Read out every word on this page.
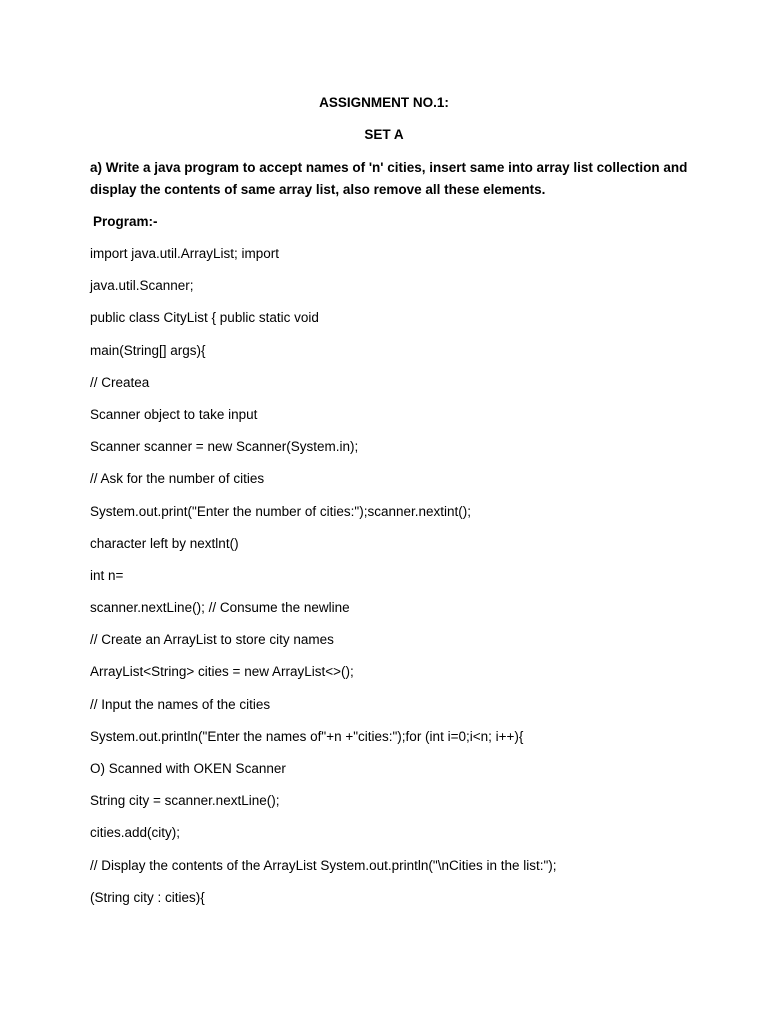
ASSIGNMENT NO.1:
SET A
a) Write a java program to accept names of 'n' cities, insert same into array list collection and display the contents of same array list, also remove all these elements.
Program:-
import java.util.ArrayList; import
java.util.Scanner;
public class CityList { public static void
main(String[] args){
// Createa
Scanner object to take input
Scanner scanner = new Scanner(System.in);
// Ask for the number of cities
System.out.print("Enter the number of cities:");scanner.nextint();
character left by nextlnt()
int n=
scanner.nextLine(); // Consume the newline
// Create an ArrayList to store city names
ArrayList<String> cities = new ArrayList<>();
// Input the names of the cities
System.out.println("Enter the names of"+n +"cities:");for (int i=0;i<n; i++){
O) Scanned with OKEN Scanner
String city = scanner.nextLine();
cities.add(city);
// Display the contents of the ArrayList System.out.println("\nCities in the list:");
(String city : cities){
